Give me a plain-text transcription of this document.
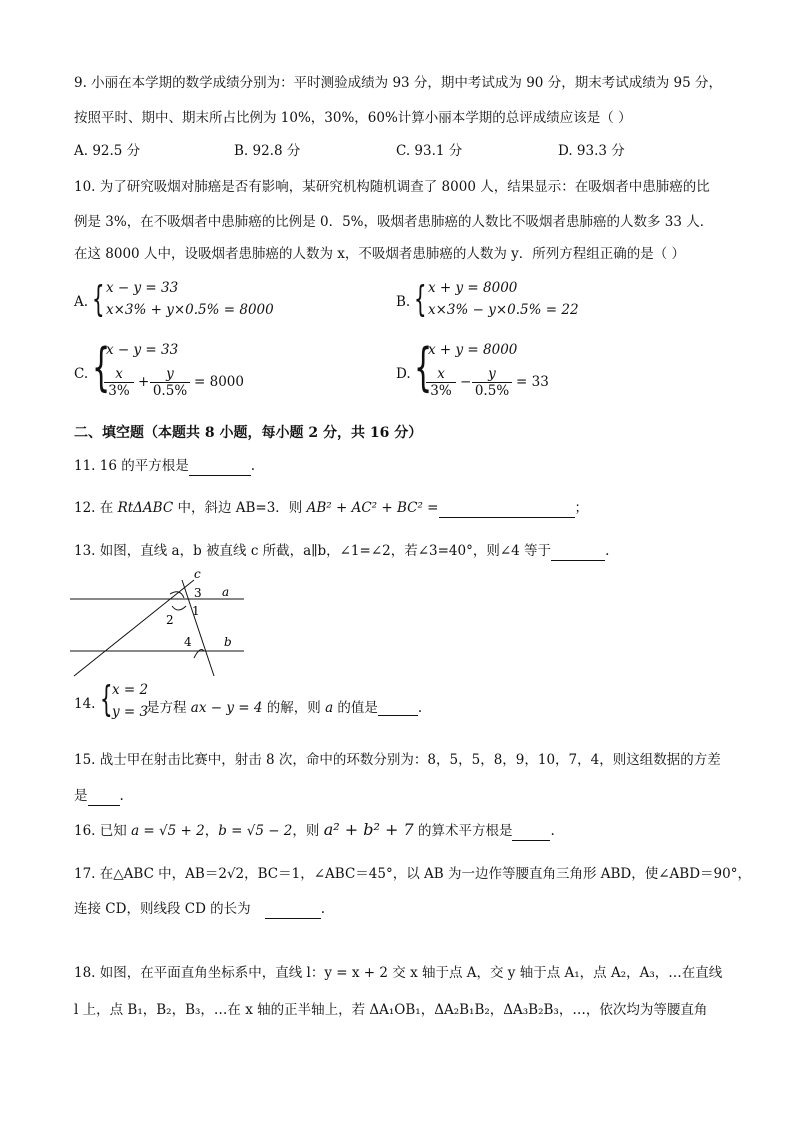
9. 小丽在本学期的数学成绩分别为：平时测验成绩为 93 分，期中考试成为 90 分，期末考试成绩为 95 分，
按照平时、期中、期末所占比例为 10%，30%，60%计算小丽本学期的总评成绩应该是（ ）
A. 92.5 分	B. 92.8 分	C. 93.1 分	D. 93.3 分
10. 为了研究吸烟对肺癌是否有影响，某研究机构随机调查了 8000 人，结果显示：在吸烟者中患肺癌的比
例是 3%，在不吸烟者中患肺癌的比例是 0．5%，吸烟者患肺癌的人数比不吸烟者患肺癌的人数多 33 人．
在这 8000 人中，设吸烟者患肺癌的人数为 x，不吸烟者患肺癌的人数为 y．所列方程组正确的是（ ）
A. { x − y = 33
x×3% + y×0.5% = 8000	B. { x + y = 8000
x×3% − y×0.5% = 22
C. {
x − y = 33
$\frac{x}{3\%} + \frac{y}{0.5\%} = 8000$	D. {
x + y = 8000
$\frac{x}{3\%} - \frac{y}{0.5\%} = 33$
二、填空题（本题共 8 小题，每小题 2 分，共 16 分）
11. 16 的平方根是	.
12. 在 RtΔABC 中，斜边 AB=3．则 AB² + AC² + BC² =	；
13. 如图，直线 a，b 被直线 c 所截，a∥b，∠1=∠2，若∠3=40°，则∠4 等于	.
c
a
b
1
2
3
4
14. { x = 2
y = 3
是方程 ax − y = 4 的解，则 a 的值是	.
15. 战士甲在射击比赛中，射击 8 次，命中的环数分别为：8，5，5，8，9，10，7，4，则这组数据的方差
是 .
16. 已知 a = √5 + 2，b = √5 − 2，则 a² + b² + 7 的算术平方根是	.
17. 在△ABC 中，AB＝2√2，BC＝1，∠ABC＝45°，以 AB 为一边作等腰直角三角形 ABD，使∠ABD＝90°，
连接 CD，则线段 CD 的长为	.
18. 如图，在平面直角坐标系中，直线 l：y = x + 2 交 x 轴于点 A，交 y 轴于点 A₁，点 A₂，A₃，…在直线
l 上，点 B₁，B₂，B₃，…在 x 轴的正半轴上，若 ΔA₁OB₁，ΔA₂B₁B₂，ΔA₃B₂B₃，…，依次均为等腰直角
